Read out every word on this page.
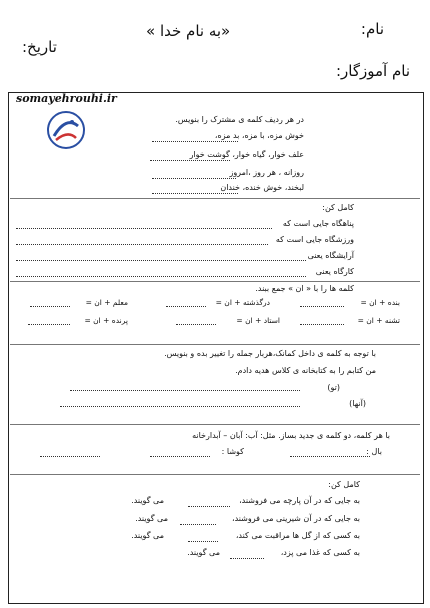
نام:
«به نام خدا »
تاریخ:
نام آموزگار:
somayehrouhi.ir
در هر ردیف کلمه ی مشترک را بنویس.
خوش مزه، با مزه، بد مزه،
علف خوار، گیاه خوار، گوشت خوار
روزانه ، هر روز ،امروز
لبخند، خوش خنده، خندان
کامل کن:
پناهگاه جایی است که
ورزشگاه جایی است که
آرایشگاه یعنی
کارگاه یعنی
کلمه ها را با « ان » جمع ببند.
بنده + ان =
درگذشته + ان =
معلم + ان =
تشنه + ان =
استاد + ان =
پرنده + ان =
با توجه به کلمه ی داخل کمانک،هربار جمله را تغییر بده و بنویس.
من کتابم را به کتابخانه ی کلاس هدیه دادم.
(تو)
(آنها)
با هر کلمه، دو کلمه ی جدید بساز. مثل: آب: آبان – آبدارخانه
بال :
کوشا :
کامل کن:
به جایی که در آن پارچه می فروشند،
می گویند.
به جایی که در آن شیرینی می فروشند،
می گویند.
به کسی که از گل ها مراقبت می کند،
می گویند.
به کسی که غذا می پزد،
می گویند.
